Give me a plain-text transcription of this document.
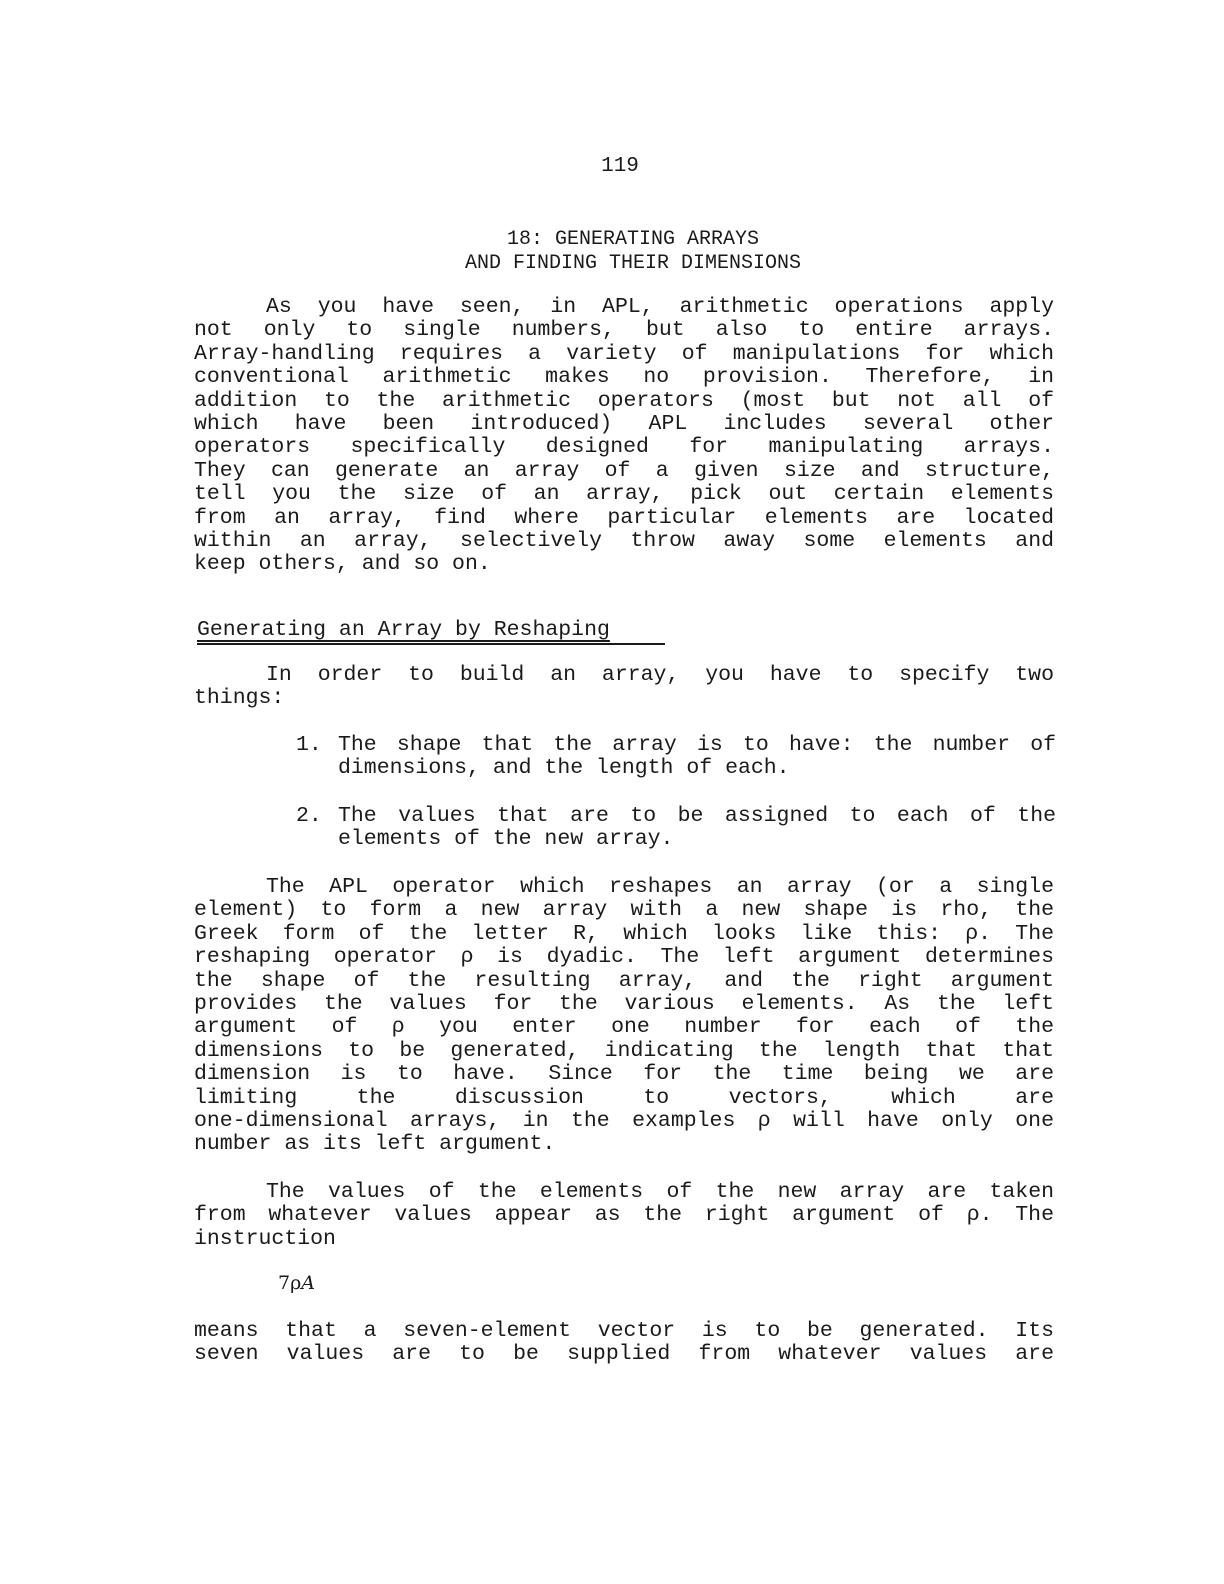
119
18: GENERATING ARRAYS
AND FINDING THEIR DIMENSIONS
As you have seen, in APL, arithmetic operations apply
not only to single numbers, but also to entire arrays.
Array-handling requires a variety of manipulations for which
conventional arithmetic makes no provision. Therefore, in
addition to the arithmetic operators (most but not all of
which have been introduced) APL includes several other
operators specifically designed for manipulating arrays.
They can generate an array of a given size and structure,
tell you the size of an array, pick out certain elements
from an array, find where particular elements are located
within an array, selectively throw away some elements and
keep others, and so on.
Generating an Array by Reshaping
In order to build an array, you have to specify two
things:
1. The shape that the array is to have: the number of
dimensions, and the length of each.
2. The values that are to be assigned to each of the
elements of the new array.
The APL operator which reshapes an array (or a single
element) to form a new array with a new shape is rho, the
Greek form of the letter R, which looks like this: ρ. The
reshaping operator ρ is dyadic. The left argument determines
the shape of the resulting array, and the right argument
provides the values for the various elements. As the left
argument of ρ you enter one number for each of the
dimensions to be generated, indicating the length that that
dimension is to have. Since for the time being we are
limiting the discussion to vectors, which are
one-dimensional arrays, in the examples ρ will have only one
number as its left argument.
The values of the elements of the new array are taken
from whatever values appear as the right argument of ρ. The
instruction
7ρA
means that a seven-element vector is to be generated. Its
seven values are to be supplied from whatever values are
